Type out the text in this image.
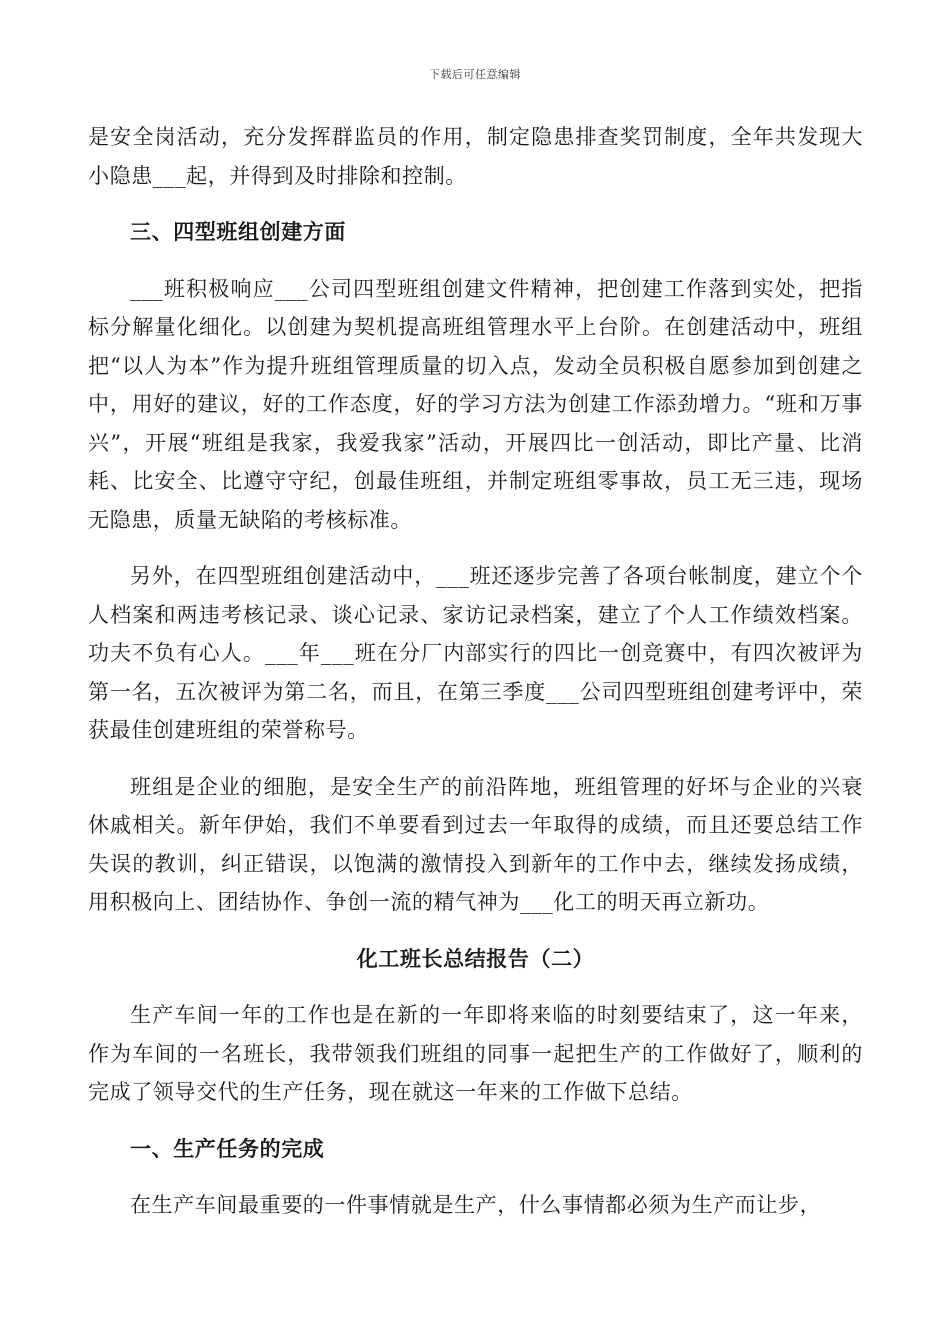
下载后可任意编辑

是安全岗活动，充分发挥群监员的作用，制定隐患排查奖罚制度，全年共发现大小隐患___起，并得到及时排除和控制。

三、四型班组创建方面

___班积极响应___公司四型班组创建文件精神，把创建工作落到实处，把指标分解量化细化。以创建为契机提高班组管理水平上台阶。在创建活动中，班组把“以人为本”作为提升班组管理质量的切入点，发动全员积极自愿参加到创建之中，用好的建议，好的工作态度，好的学习方法为创建工作添劲增力。“班和万事兴”，开展“班组是我家，我爱我家”活动，开展四比一创活动，即比产量、比消耗、比安全、比遵守守纪，创最佳班组，并制定班组零事故，员工无三违，现场无隐患，质量无缺陷的考核标准。

另外，在四型班组创建活动中，___班还逐步完善了各项台帐制度，建立个个人档案和两违考核记录、谈心记录、家访记录档案，建立了个人工作绩效档案。功夫不负有心人。___年___班在分厂内部实行的四比一创竞赛中，有四次被评为第一名，五次被评为第二名，而且，在第三季度___公司四型班组创建考评中，荣获最佳创建班组的荣誉称号。

班组是企业的细胞，是安全生产的前沿阵地，班组管理的好坏与企业的兴衰休戚相关。新年伊始，我们不单要看到过去一年取得的成绩，而且还要总结工作失误的教训，纠正错误，以饱满的激情投入到新年的工作中去，继续发扬成绩，用积极向上、团结协作、争创一流的精气神为___化工的明天再立新功。

化工班长总结报告（二）

生产车间一年的工作也是在新的一年即将来临的时刻要结束了，这一年来，作为车间的一名班长，我带领我们班组的同事一起把生产的工作做好了，顺利的完成了领导交代的生产任务，现在就这一年来的工作做下总结。

一、生产任务的完成

在生产车间最重要的一件事情就是生产，什么事情都必须为生产而让步，
